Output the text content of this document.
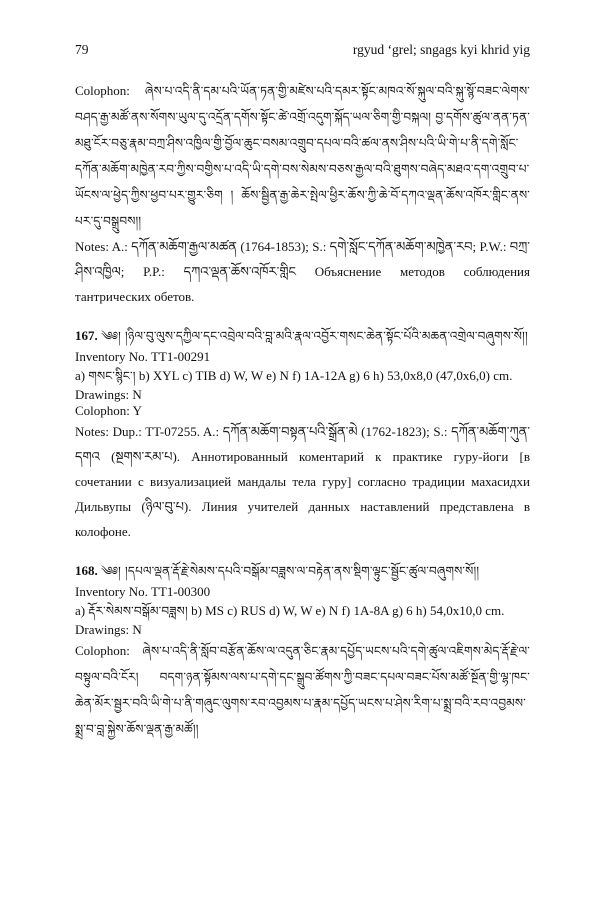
79	rgyud ‘grel; sngags kyi khrid yig

Colophon: ཞེས་པ་འདི་ནི་དམ་པའི་ཡོན་ཏན་གྱི་མཛེས་པའི་དམར་སྟོང་མཁའ་སོ་སྐུལ་བའི་སྐུ་སྙོ་བཟང་ལེགས་བཤད་རྒྱ་མཚོ་ནས་སོགས་ཡུལ་དུ་འདྲོན་དགོས་སྟོང་ཚེ་འགྲོ་འདུག་སྐོད་ཡལ་ཅིག་གྱི་བསྐལ། བྱ་དགོས་ཚུལ་ནན་ཏན་མཐུ་ངོར་བཅུ་རྣམ་བཀྲ་ཤིས་འཁྱིལ་གྱི་བྱོལ་ཆུང་བསམ་འགྲུབ་དཔལ་བའི་ཚལ་ནས་ཤིས་པའི་ཡི་གེ་པ་ནི་དགེ་སློང་དཀོན་མཆོག་མཁྱེན་རབ་ཀྱིས་བགྱིས་པ་འདི་ཡི་དགེ་བས་སེམས་བཅས་རྒྱལ་བའི་ཐུགས་བཞེད་མཐའ་དག་འགྲུབ་པ་ཡོངས་ལ་ཕྱེད་ཀྱིས་ཕྱབ་པར་གྱུར་ཅིག ། ཆོས་སྦྱིན་རྒྱ་ཆེར་སྤེལ་ཕྱིར་ཆོས་ཀྱི་ཆེ་བོ་དཀའ་ལྡན་ཆོས་འཁོར་གླིང་ནས་པར་དུ་བསྒྲུབས།།

Notes: A.: དཀོན་མཆོག་རྒྱལ་མཚན (1764-1853); S.: དགེ་སློང་དཀོན་མཆོག་མཁྱེན་རབ; P.W.: བཀྲ་ཤིས་འཁྱིལ; P.P.: དཀའ་ལྡན་ཆོས་འཁོར་གླིང Объяснение методов соблюдения тантрических обетов.

167. ༄༅། །ཉིལ་བུ་ལུས་དཀྱིལ་དང་འབྲེལ་བའི་བླ་མའི་རྣལ་འབྱོར་གསང་ཆེན་སྟོང་པོའི་མཆན་འགྲེལ་བཞུགས་སོ།།

Inventory No. TT1-00291

a) གསང་སྙིང་། b) XYL c) TIB d) W, W e) N f) 1A-12A g) 6 h) 53,0x8,0 (47,0x6,0) cm.

Drawings: N

Colophon: Y

Notes: Dup.: TT-07255. A.: དཀོན་མཆོག་བསྟན་པའི་སྒྲོན་མེ (1762-1823); S.: དཀོན་མཆོག་ཀུན་དགའ (སྔགས་རམ་པ). Аннотированный коментарий к практике гуру-йоги [в сочетании с визуализацией мандалы тела гуру] согласно традиции махасидхи Дильвупы (ཉིལ་བུ་པ). Линия учителей данных наставлений представлена в колофоне.

168. ༄༅། །དཔལ་ལྡན་རྡོ་རྗེ་སེམས་དཔའི་བསྒོམ་བཟླས་ལ་བརྟེན་ནས་སྡིག་ལྟུང་སྦྱོང་ཚུལ་བཞུགས་སོ།།

Inventory No. TT1-00300

a) རྡོར་སེམས་བསྒོམ་བཟླས། b) MS c) RUS d) W, W e) N f) 1A-8A g) 6 h) 54,0x10,0 cm.

Drawings: N

Colophon: ཞེས་པ་འདི་ནི་སློབ་བརྩོན་ཆོས་ལ་འདུན་ཅིང་རྣམ་དཔྱོད་ཡངས་པའི་དགེ་ཚུལ་འཇིགས་མེད་རྡོ་རྗེ་ལ་བསྟུལ་བའི་ངོར། བདག་ཉན་སྟོམས་ལས་པ་དགེ་དང་སྒྲུབ་ཚོགས་ཀྱི་བཟང་དཔལ་བཟང་པོས་མཚོ་སྔོན་གྱི་ལྷ་ཁང་ཆེན་མོར་སྦྱར་བའི་ཡི་གེ་པ་ནི་གཞུང་ལུགས་རབ་འབྱམས་པ་རྣམ་དཔྱོད་ཡངས་པ་ཤེས་རིག་པ་སྨྲ་བའི་རབ་འབྱམས་སྨྲ་བ་བླ་སྐྱེས་ཆོས་ལྡན་རྒྱ་མཚོ།།
